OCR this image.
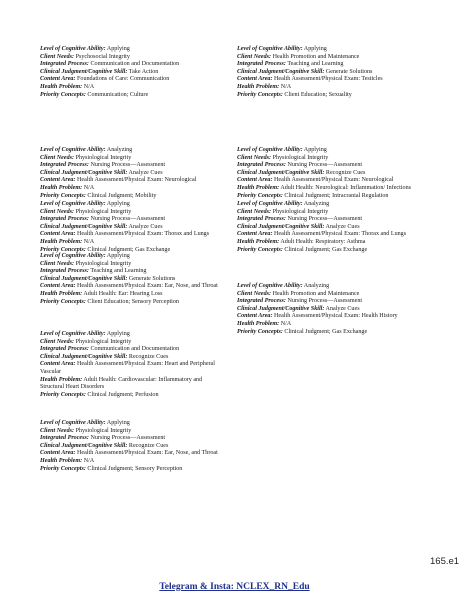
Level of Cognitive Ability: Applying
Client Needs: Psychosocial Integrity
Integrated Process: Communication and Documentation
Clinical Judgment/Cognitive Skill: Take Action
Content Area: Foundations of Care: Communication
Health Problem: N/A
Priority Concepts: Communication; Culture
Level of Cognitive Ability: Analyzing
Client Needs: Physiological Integrity
Integrated Process: Nursing Process—Assessment
Clinical Judgment/Cognitive Skill: Analyze Cues
Content Area: Health Assessment/Physical Exam: Neurological
Health Problem: N/A
Priority Concepts: Clinical Judgment; Mobility
Level of Cognitive Ability: Applying
Client Needs: Physiological Integrity
Integrated Process: Nursing Process—Assessment
Clinical Judgment/Cognitive Skill: Analyze Cues
Content Area: Health Assessment/Physical Exam: Thorax and Lungs
Health Problem: N/A
Priority Concepts: Clinical Judgment; Gas Exchange
Level of Cognitive Ability: Applying
Client Needs: Physiological Integrity
Integrated Process: Teaching and Learning
Clinical Judgment/Cognitive Skill: Generate Solutions
Content Area: Health Assessment/Physical Exam: Ear, Nose, and Throat
Health Problem: Adult Health: Ear: Hearing Loss
Priority Concepts: Client Education; Sensory Perception
Level of Cognitive Ability: Applying
Client Needs: Physiological Integrity
Integrated Process: Communication and Documentation
Clinical Judgment/Cognitive Skill: Recognize Cues
Content Area: Health Assessment/Physical Exam: Heart and Peripheral Vascular
Health Problem: Adult Health: Cardiovascular: Inflammatory and Structural Heart Disorders
Priority Concepts: Clinical Judgment; Perfusion
Level of Cognitive Ability: Applying
Client Needs: Physiological Integrity
Integrated Process: Nursing Process—Assessment
Clinical Judgment/Cognitive Skill: Recognize Cues
Content Area: Health Assessment/Physical Exam: Ear, Nose, and Throat
Health Problem: N/A
Priority Concepts: Clinical Judgment; Sensory Perception
Level of Cognitive Ability: Applying
Client Needs: Health Promotion and Maintenance
Integrated Process: Teaching and Learning
Clinical Judgment/Cognitive Skill: Generate Solutions
Content Area: Health Assessment/Physical Exam: Testicles
Health Problem: N/A
Priority Concepts: Client Education; Sexuality
Level of Cognitive Ability: Applying
Client Needs: Physiological Integrity
Integrated Process: Nursing Process—Assessment
Clinical Judgment/Cognitive Skill: Recognize Cues
Content Area: Health Assessment/Physical Exam: Neurological
Health Problem: Adult Health: Neurological: Inflammation/ Infections
Priority Concepts: Clinical Judgment; Intracranial Regulation
Level of Cognitive Ability: Analyzing
Client Needs: Physiological Integrity
Integrated Process: Nursing Process—Assessment
Clinical Judgment/Cognitive Skill: Analyze Cues
Content Area: Health Assessment/Physical Exam: Thorax and Lungs
Health Problem: Adult Health: Respiratory: Asthma
Priority Concepts: Clinical Judgment; Gas Exchange
Level of Cognitive Ability: Analyzing
Client Needs: Health Promotion and Maintenance
Integrated Process: Nursing Process—Assessment
Clinical Judgment/Cognitive Skill: Analyze Cues
Content Area: Health Assessment/Physical Exam: Health History
Health Problem: N/A
Priority Concepts: Clinical Judgment; Gas Exchange
165.e1
Telegram & Insta: NCLEX_RN_Edu
